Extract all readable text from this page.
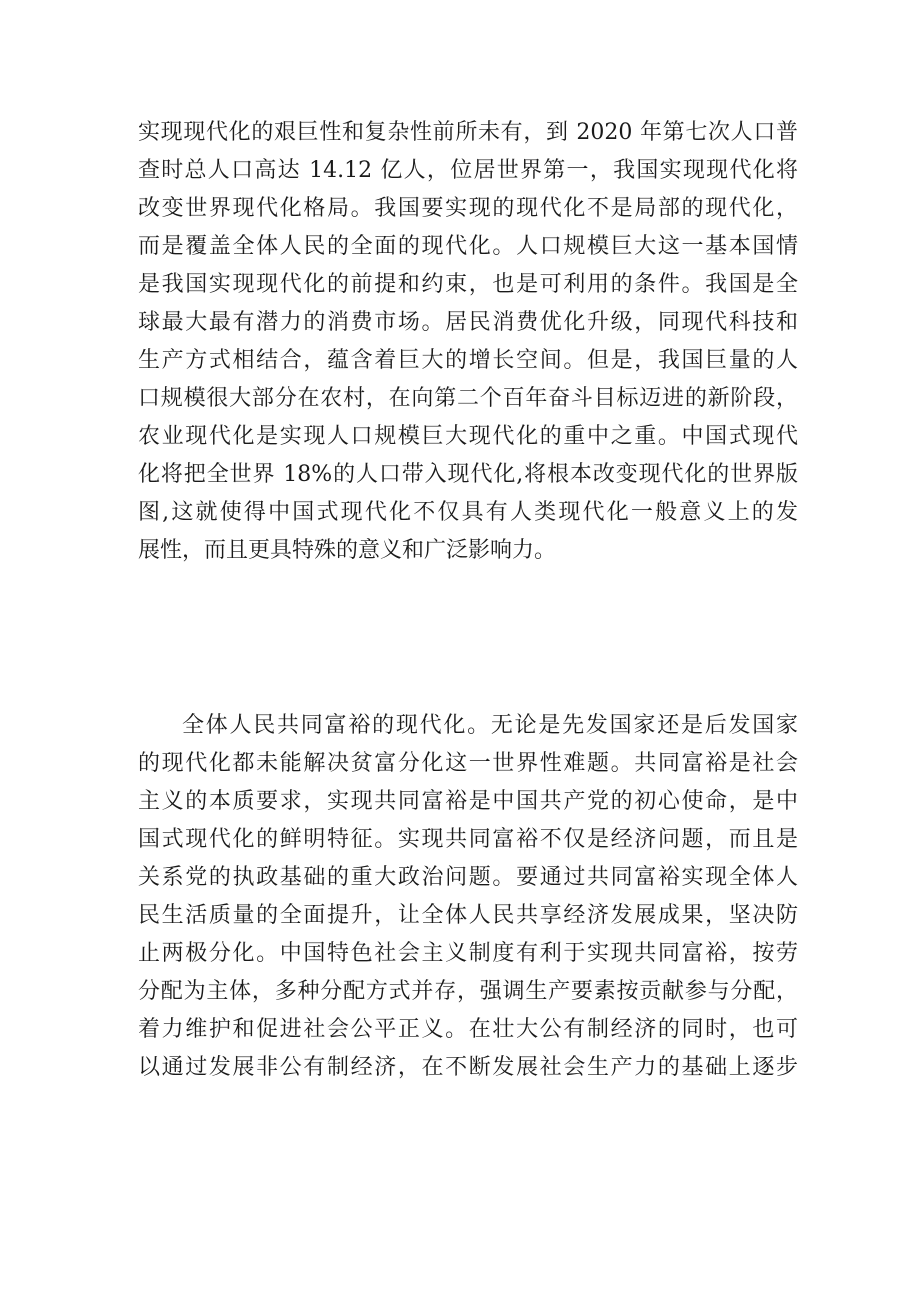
实现现代化的艰巨性和复杂性前所未有，到 2020 年第七次人口普
查时总人口高达 14.12 亿人，位居世界第一，我国实现现代化将
改变世界现代化格局。我国要实现的现代化不是局部的现代化，
而是覆盖全体人民的全面的现代化。人口规模巨大这一基本国情
是我国实现现代化的前提和约束，也是可利用的条件。我国是全
球最大最有潜力的消费市场。居民消费优化升级，同现代科技和
生产方式相结合，蕴含着巨大的增长空间。但是，我国巨量的人
口规模很大部分在农村，在向第二个百年奋斗目标迈进的新阶段，
农业现代化是实现人口规模巨大现代化的重中之重。中国式现代
化将把全世界 18%的人口带入现代化,将根本改变现代化的世界版
图,这就使得中国式现代化不仅具有人类现代化一般意义上的发
展性，而且更具特殊的意义和广泛影响力。
全体人民共同富裕的现代化。无论是先发国家还是后发国家
的现代化都未能解决贫富分化这一世界性难题。共同富裕是社会
主义的本质要求，实现共同富裕是中国共产党的初心使命，是中
国式现代化的鲜明特征。实现共同富裕不仅是经济问题，而且是
关系党的执政基础的重大政治问题。要通过共同富裕实现全体人
民生活质量的全面提升，让全体人民共享经济发展成果，坚决防
止两极分化。中国特色社会主义制度有利于实现共同富裕，按劳
分配为主体，多种分配方式并存，强调生产要素按贡献参与分配，
着力维护和促进社会公平正义。在壮大公有制经济的同时，也可
以通过发展非公有制经济，在不断发展社会生产力的基础上逐步
